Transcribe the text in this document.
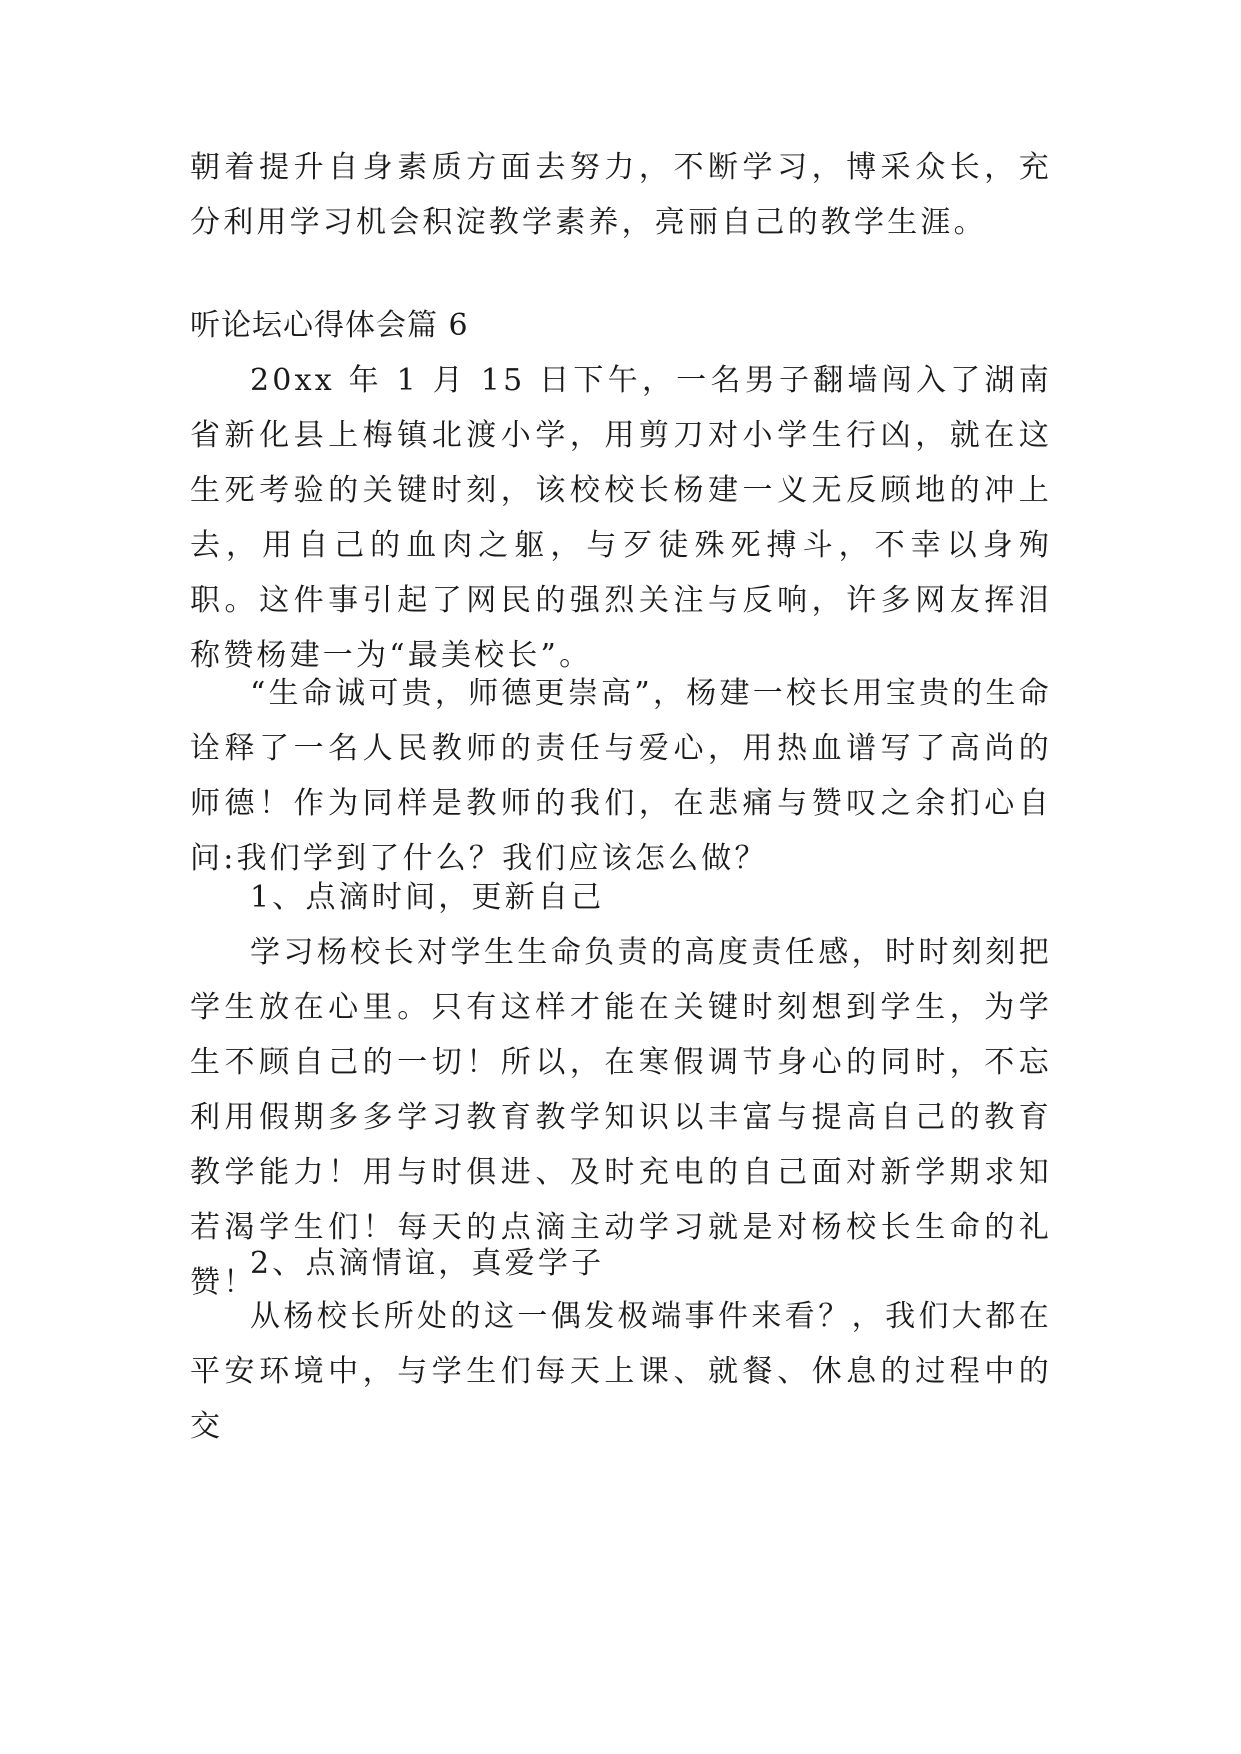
朝着提升自身素质方面去努力，不断学习，博采众长，充分利用学习机会积淀教学素养，亮丽自己的教学生涯。

听论坛心得体会篇 6

20xx 年 1 月 15 日下午，一名男子翻墙闯入了湖南省新化县上梅镇北渡小学，用剪刀对小学生行凶，就在这生死考验的关键时刻，该校校长杨建一义无反顾地的冲上去，用自己的血肉之躯，与歹徒殊死搏斗，不幸以身殉职。这件事引起了网民的强烈关注与反响，许多网友挥泪称赞杨建一为“最美校长”。

“生命诚可贵，师德更崇高”，杨建一校长用宝贵的生命诠释了一名人民教师的责任与爱心，用热血谱写了高尚的师德！作为同样是教师的我们，在悲痛与赞叹之余扪心自问:我们学到了什么？我们应该怎么做？

1、点滴时间，更新自己

学习杨校长对学生生命负责的高度责任感，时时刻刻把学生放在心里。只有这样才能在关键时刻想到学生，为学生不顾自己的一切！所以，在寒假调节身心的同时，不忘利用假期多多学习教育教学知识以丰富与提高自己的教育教学能力！用与时俱进、及时充电的自己面对新学期求知若渴学生们！每天的点滴主动学习就是对杨校长生命的礼赞！

2、点滴情谊，真爱学子

从杨校长所处的这一偶发极端事件来看？，我们大都在平安环境中，与学生们每天上课、就餐、休息的过程中的交
